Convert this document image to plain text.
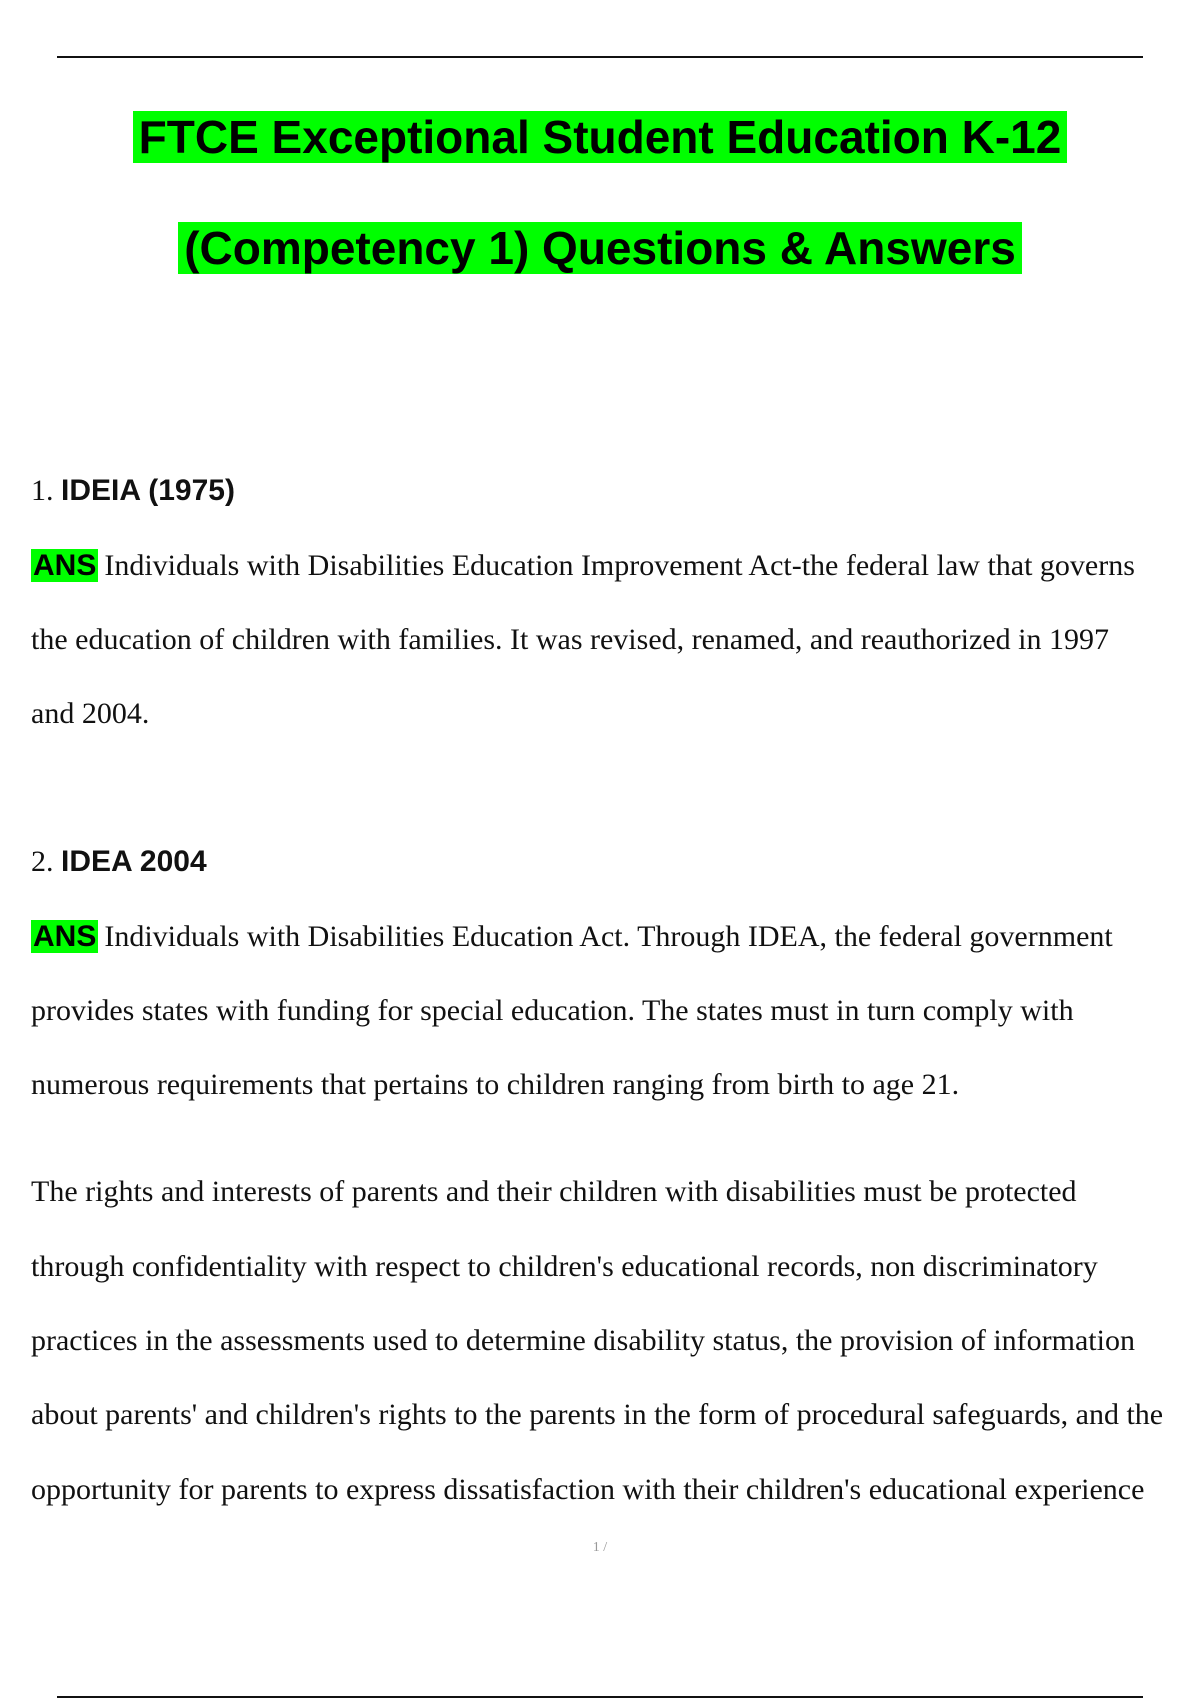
FTCE Exceptional Student Education K-12
(Competency 1) Questions & Answers
1. IDEIA (1975)
ANS Individuals with Disabilities Education Improvement Act-the federal law that governs
the education of children with families. It was revised, renamed, and reauthorized in 1997
and 2004.
2. IDEA 2004
ANS Individuals with Disabilities Education Act. Through IDEA, the federal government
provides states with funding for special education. The states must in turn comply with
numerous requirements that pertains to children ranging from birth to age 21.
The rights and interests of parents and their children with disabilities must be protected
through confidentiality with respect to children's educational records, non discriminatory
practices in the assessments used to determine disability status, the provision of information
about parents' and children's rights to the parents in the form of procedural safeguards, and the
opportunity for parents to express dissatisfaction with their children's educational experience
1 /
